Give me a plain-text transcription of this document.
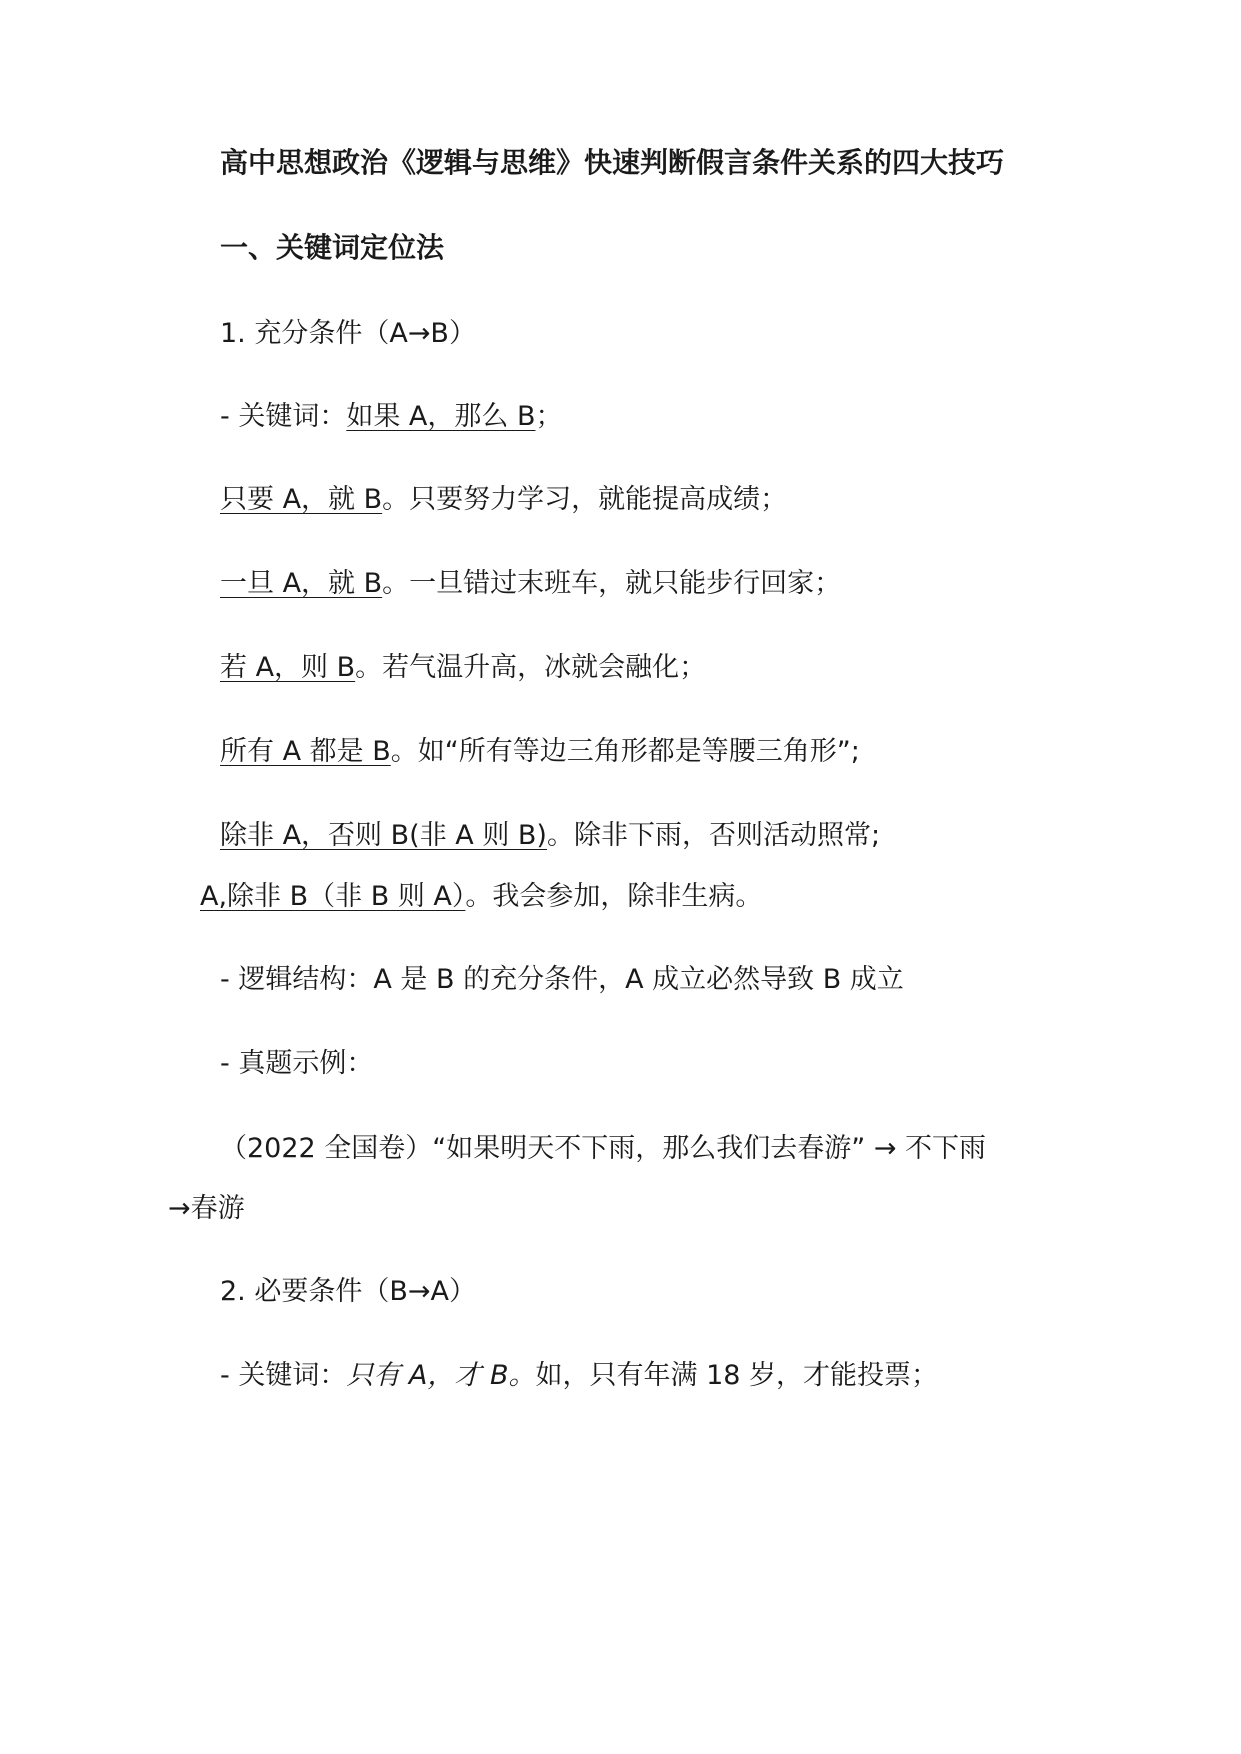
高中思想政治《逻辑与思维》快速判断假言条件关系的四大技巧
一、关键词定位法
1. 充分条件（A→B）
- 关键词：如果 A，那么 B；
只要 A，就 B。只要努力学习，就能提高成绩；
一旦 A，就 B。一旦错过末班车，就只能步行回家；
若 A，则 B。若气温升高，冰就会融化；
所有 A 都是 B。如“所有等边三角形都是等腰三角形”;
除非 A，否则 B(非 A 则 B)。除非下雨，否则活动照常;
A,除非 B（非 B 则 A）。我会参加，除非生病。
- 逻辑结构：A 是 B 的充分条件，A 成立必然导致 B 成立
- 真题示例：
（2022 全国卷）“如果明天不下雨，那么我们去春游” → 不下雨
→春游
2. 必要条件（B→A）
- 关键词：只有 A，才 B。如，只有年满 18 岁，才能投票；
